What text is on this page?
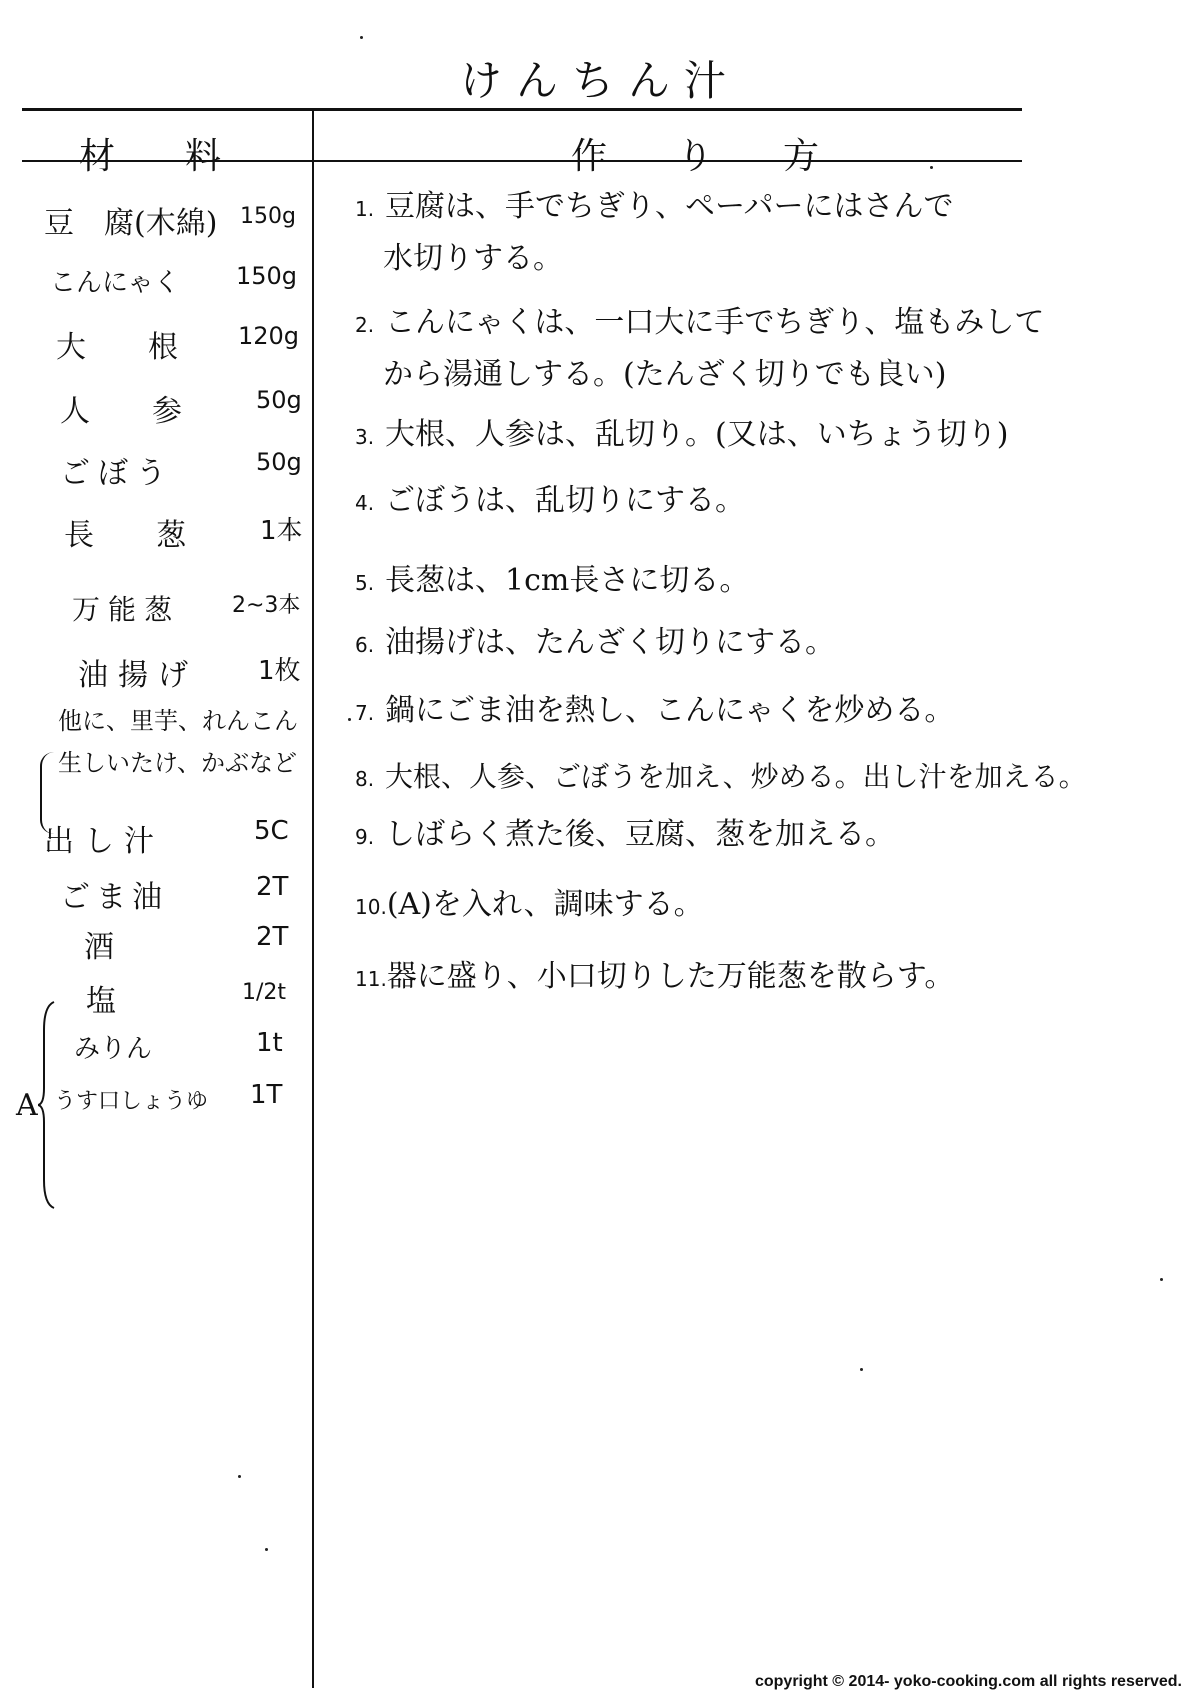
けんちん汁
材料	作り方
豆　腐(木綿) 150g
こんにゃく 150g
大　根 120g
人　参 50g
ごぼう	50g
長　葱 1本
万能葱 2~3本
油揚げ 1枚
他に、里芋、れんこん
生しいたけ、かぶなど
出し汁	5C
ごま油	2T
酒	2T
塩	1/2t
みりん	1t
うす口しょうゆ 1T
A
1. 豆腐は、手でちぎり、ペーパーにはさんで
水切りする。
2. こんにゃくは、一口大に手でちぎり、塩もみして
から湯通しする。(たんざく切りでも良い)
3. 大根、人参は、乱切り。(又は、いちょう切り)
4. ごぼうは、乱切りにする。
5. 長葱は、1cm長さに切る。
6. 油揚げは、たんざく切りにする。
7. 鍋にごま油を熱し、こんにゃくを炒める。
8. 大根、人参、ごぼうを加え、炒める。出し汁を加える。
9. しばらく煮た後、豆腐、葱を加える。
10.(A)を入れ、調味する。
11.器に盛り、小口切りした万能葱を散らす。
copyright © 2014- yoko-cooking.com all rights reserved.
